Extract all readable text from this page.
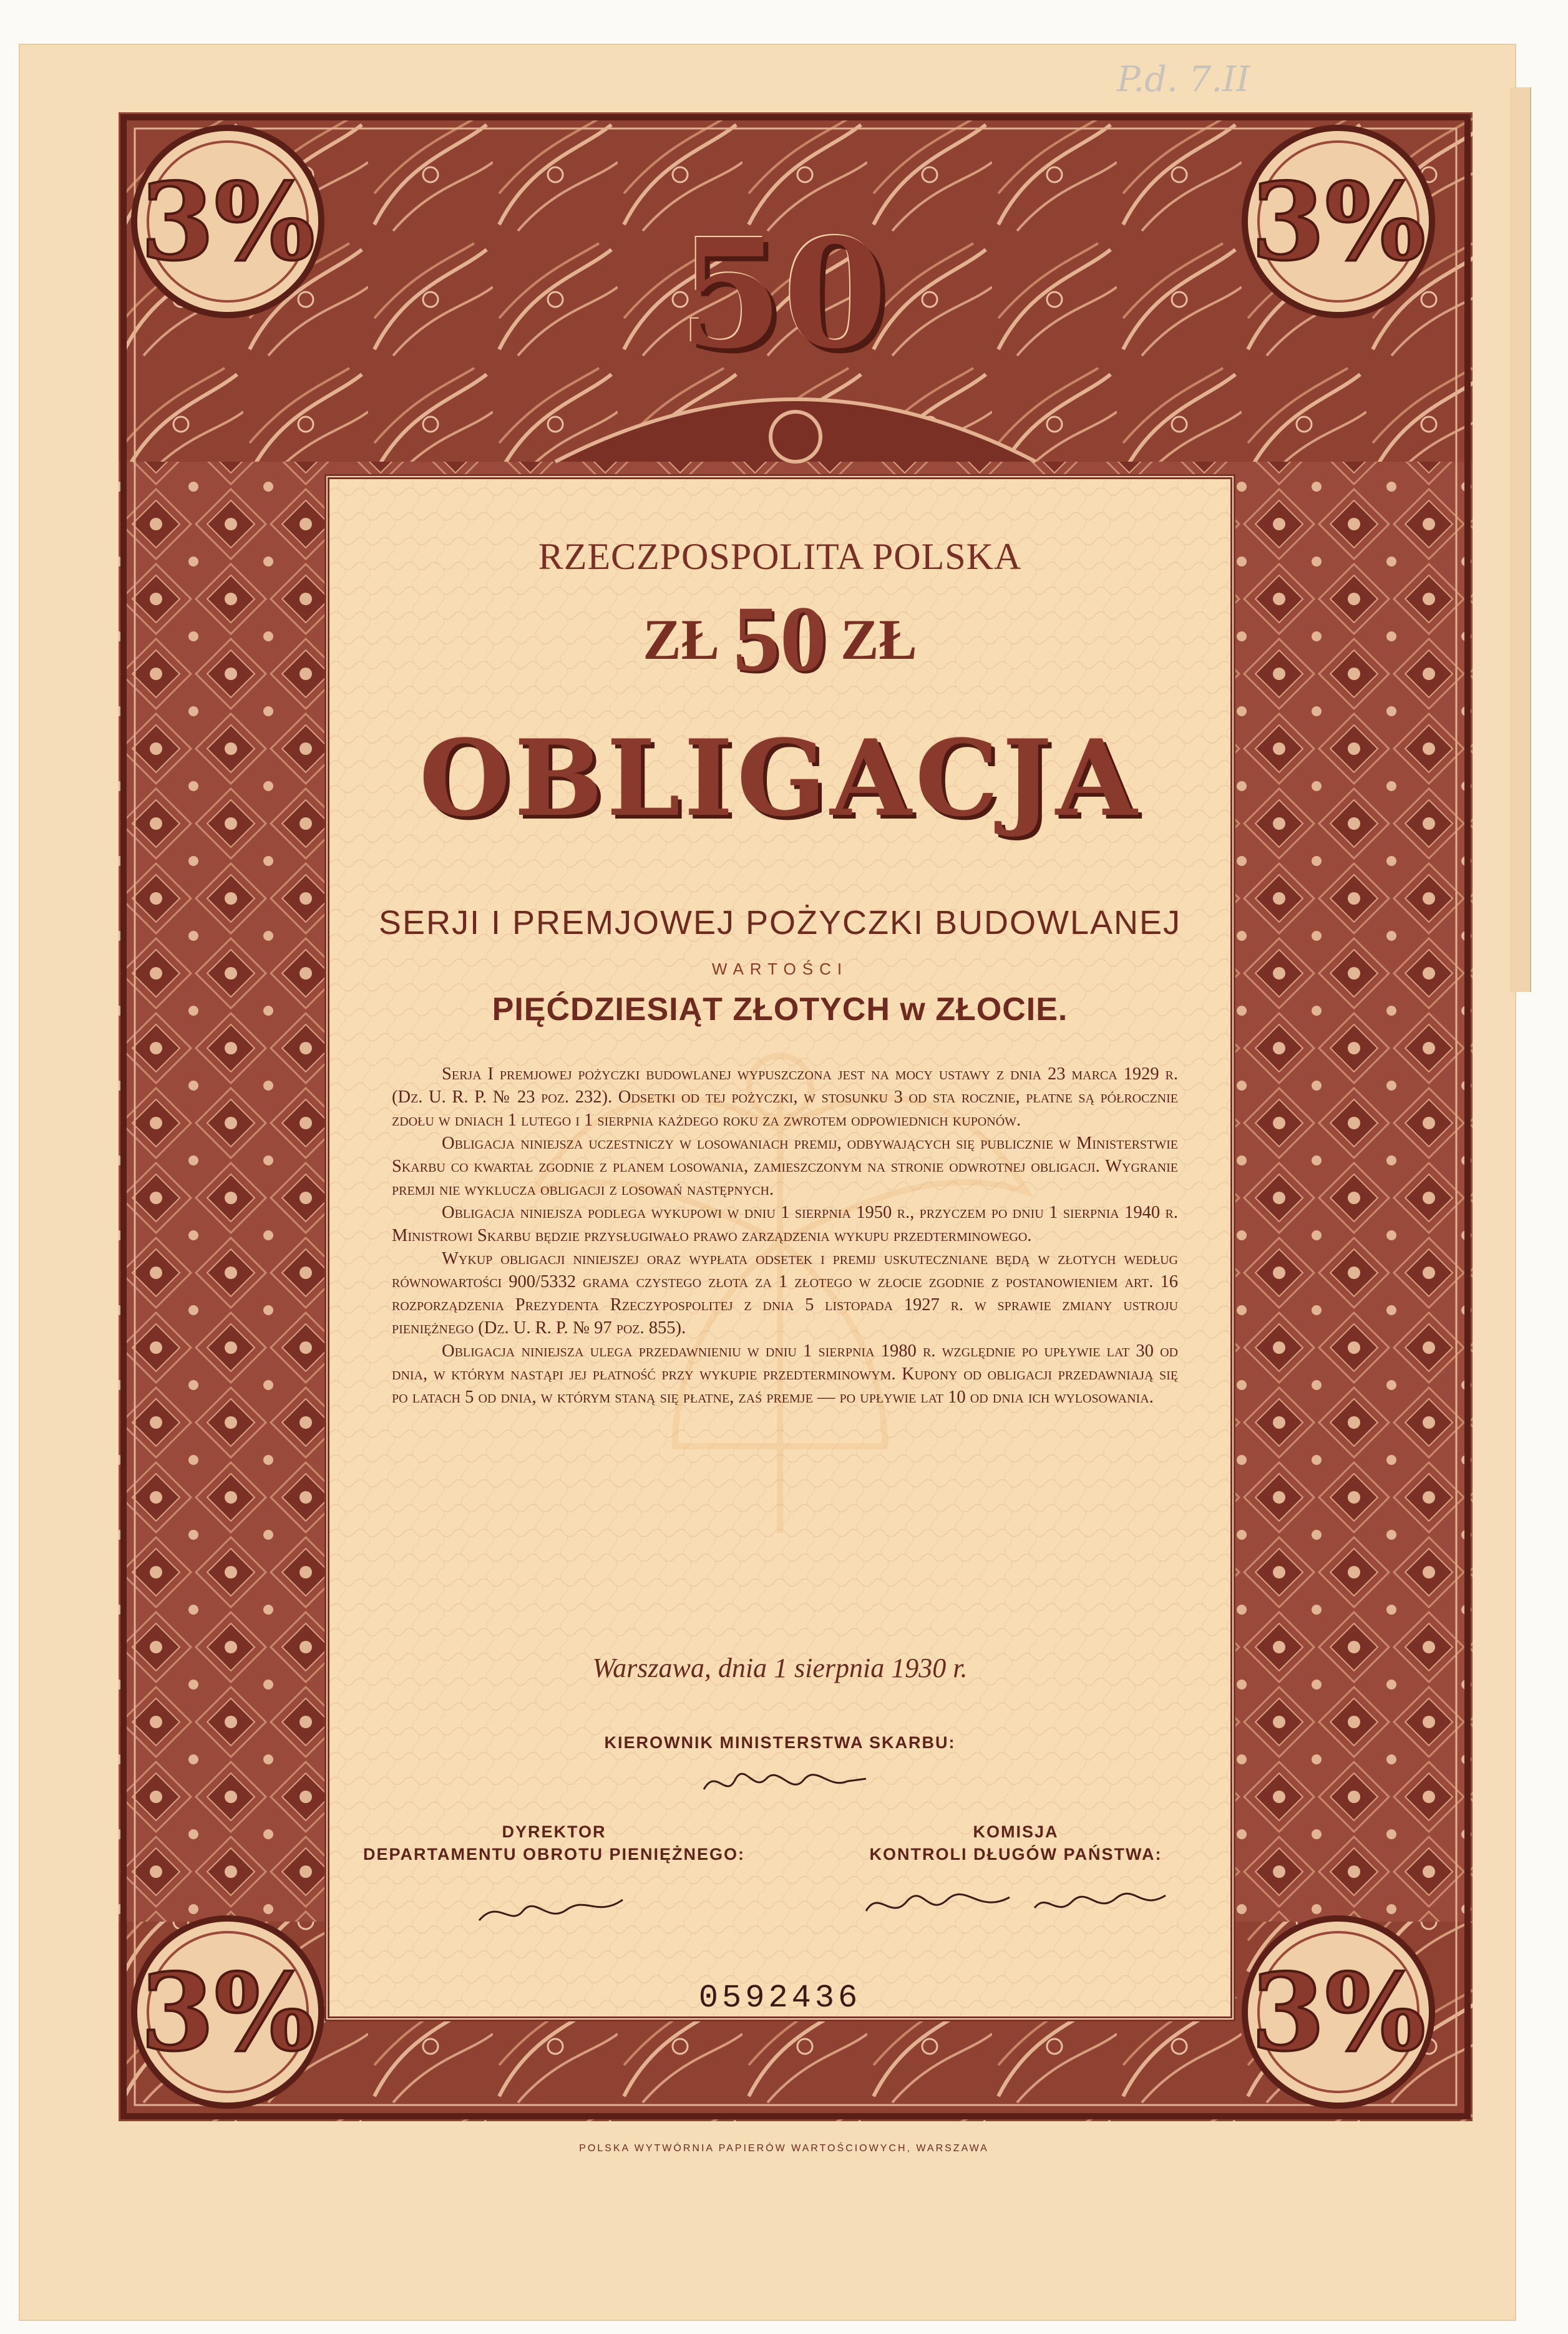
P.d. 7.II
3%	3%
3%	3%
50
RZECZPOSPOLITA POLSKA
ZŁ 50 ZŁ
OBLIGACJA
SERJI I PREMJOWEJ POŻYCZKI BUDOWLANEJ
WARTOŚCI
PIĘĆDZIESIĄT ZŁOTYCH w ZŁOCIE.

Serja I premjowej pożyczki budowlanej wypuszczona jest na mocy ustawy z dnia 23 marca 1929 r. (Dz. U. R. P. № 23 poz. 232). Odsetki od tej pożyczki, w stosunku 3 od sta rocznie, płatne są półrocznie zdołu w dniach 1 lutego i 1 sierpnia każdego roku za zwrotem odpowiednich kuponów.

Obligacja niniejsza uczestniczy w losowaniach premij, odbywających się publicznie w Ministerstwie Skarbu co kwartał zgodnie z planem losowania, zamieszczonym na stronie odwrotnej obligacji. Wygranie premji nie wyklucza obligacji z losowań następnych.

Obligacja niniejsza podlega wykupowi w dniu 1 sierpnia 1950 r., przyczem po dniu 1 sierpnia 1940 r. Ministrowi Skarbu będzie przysługiwało prawo zarządzenia wykupu przedterminowego.

Wykup obligacji niniejszej oraz wypłata odsetek i premij uskuteczniane będą w złotych według równowartości 900/5332 grama czystego złota za 1 złotego w złocie zgodnie z postanowieniem art. 16 rozporządzenia Prezydenta Rzeczypospolitej z dnia 5 listopada 1927 r. w sprawie zmiany ustroju pieniężnego (Dz. U. R. P. № 97 poz. 855).

Obligacja niniejsza ulega przedawnieniu w dniu 1 sierpnia 1980 r. względnie po upływie lat 30 od dnia, w którym nastąpi jej płatność przy wykupie przedterminowym. Kupony od obligacji przedawniają się po latach 5 od dnia, w którym staną się płatne, zaś premje — po upływie lat 10 od dnia ich wylosowania.

Warszawa, dnia 1 sierpnia 1930 r.
KIEROWNIK MINISTERSTWA SKARBU:
DYREKTOR
DEPARTAMENTU OBROTU PIENIĘŻNEGO:
KOMISJA
KONTROLI DŁUGÓW PAŃSTWA:
0592436
POLSKA WYTWÓRNIA PAPIERÓW WARTOŚCIOWYCH, WARSZAWA
